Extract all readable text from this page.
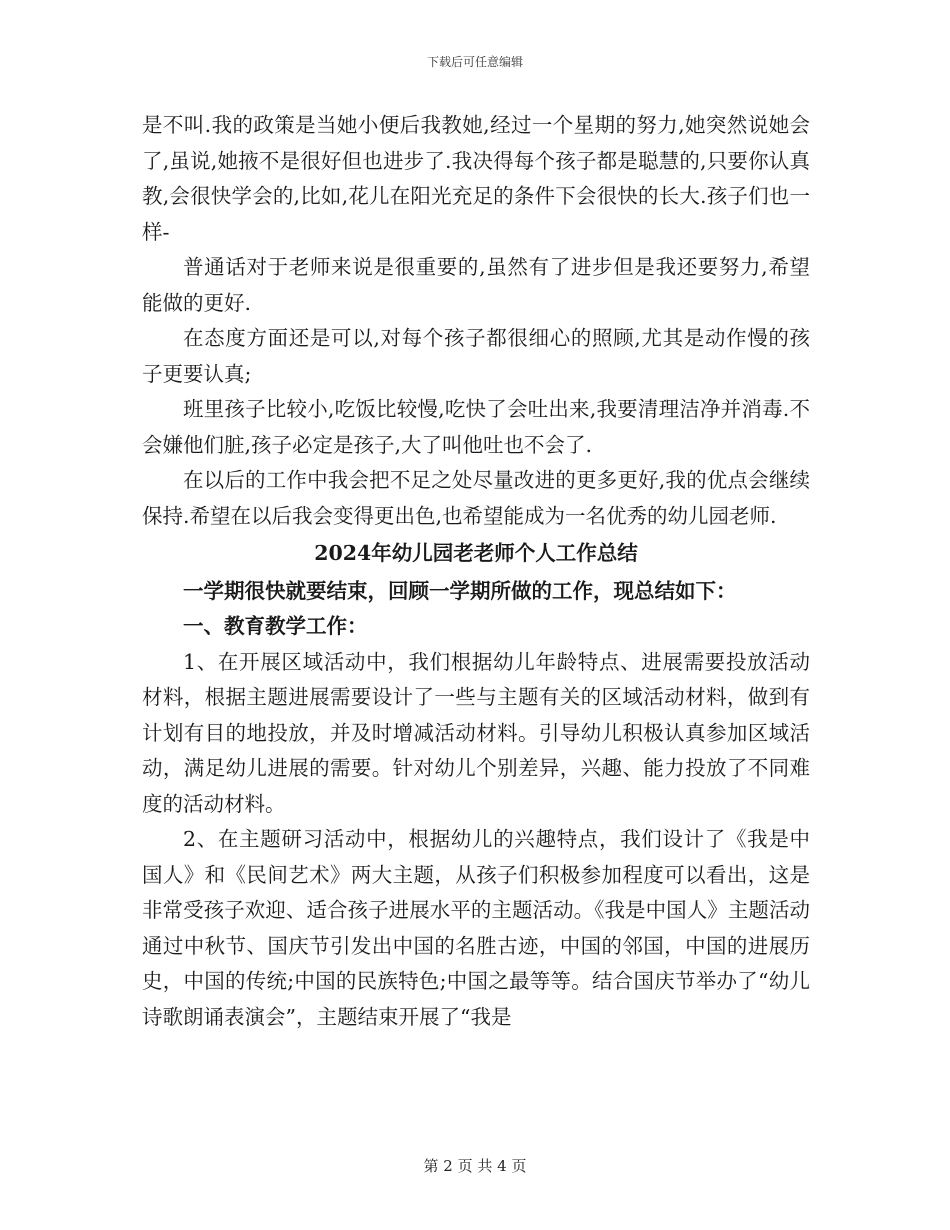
下载后可任意编辑

是不叫.我的政策是当她小便后我教她,经过一个星期的努力,她突然说她会了,虽说,她掖不是很好但也进步了.我决得每个孩子都是聪慧的,只要你认真教,会很快学会的,比如,花儿在阳光充足的条件下会很快的长大.孩子们也一样-

普通话对于老师来说是很重要的,虽然有了进步但是我还要努力,希望能做的更好.

在态度方面还是可以,对每个孩子都很细心的照顾,尤其是动作慢的孩子更要认真;

班里孩子比较小,吃饭比较慢,吃快了会吐出来,我要清理洁净并消毒.不会嫌他们脏,孩子必定是孩子,大了叫他吐也不会了.

在以后的工作中我会把不足之处尽量改进的更多更好,我的优点会继续保持.希望在以后我会变得更出色,也希望能成为一名优秀的幼儿园老师.

2024年幼儿园老老师个人工作总结

一学期很快就要结束，回顾一学期所做的工作，现总结如下：

一、教育教学工作：

1、在开展区域活动中，我们根据幼儿年龄特点、进展需要投放活动材料，根据主题进展需要设计了一些与主题有关的区域活动材料，做到有计划有目的地投放，并及时增减活动材料。引导幼儿积极认真参加区域活动，满足幼儿进展的需要。针对幼儿个别差异，兴趣、能力投放了不同难度的活动材料。

2、在主题研习活动中，根据幼儿的兴趣特点，我们设计了《我是中国人》和《民间艺术》两大主题，从孩子们积极参加程度可以看出，这是非常受孩子欢迎、适合孩子进展水平的主题活动。《我是中国人》主题活动通过中秋节、国庆节引发出中国的名胜古迹，中国的邻国，中国的进展历史，中国的传统;中国的民族特色;中国之最等等。结合国庆节举办了“幼儿诗歌朗诵表演会”，主题结束开展了“我是

第 2 页 共 4 页
